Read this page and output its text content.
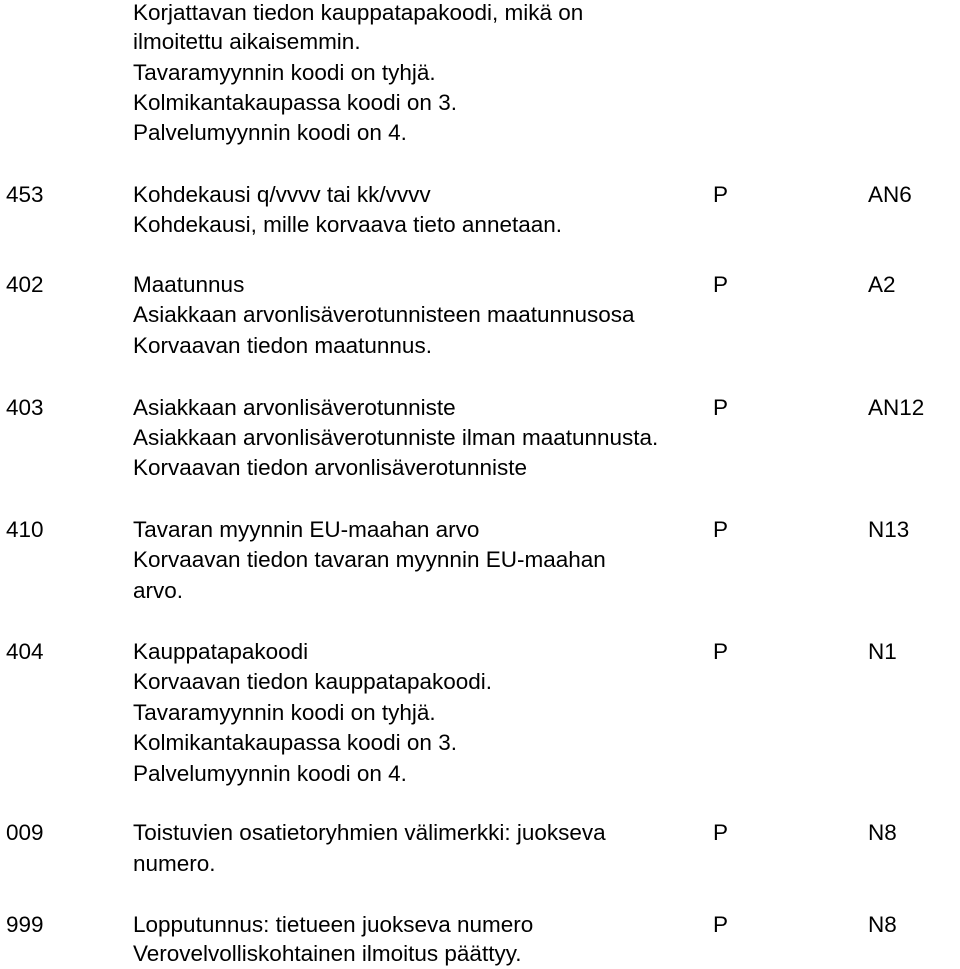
Korjattavan tiedon kauppatapakoodi, mikä on
ilmoitettu aikaisemmin.
Tavaramyynnin koodi on tyhjä.
Kolmikantakaupassa koodi on 3.
Palvelumyynnin koodi on 4.
453	Kohdekausi q/vvvv tai kk/vvvv	P	AN6
Kohdekausi, mille korvaava tieto annetaan.
402	Maatunnus	P	A2
Asiakkaan arvonlisäverotunnisteen maatunnusosa
Korvaavan tiedon maatunnus.
403	Asiakkaan arvonlisäverotunniste	P	AN12
Asiakkaan arvonlisäverotunniste ilman maatunnusta.
Korvaavan tiedon arvonlisäverotunniste
410	Tavaran myynnin EU-maahan arvo	P	N13
Korvaavan tiedon tavaran myynnin EU-maahan
arvo.
404	Kauppatapakoodi	P	N1
Korvaavan tiedon kauppatapakoodi.
Tavaramyynnin koodi on tyhjä.
Kolmikantakaupassa koodi on 3.
Palvelumyynnin koodi on 4.
009	Toistuvien osatietoryhmien välimerkki: juokseva	P	N8
numero.
999	Lopputunnus: tietueen juokseva numero	P	N8
Verovelvolliskohtainen ilmoitus päättyy.
